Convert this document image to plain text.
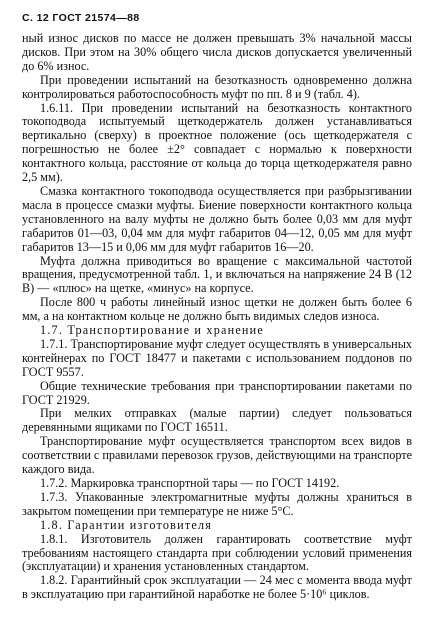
С. 12 ГОСТ 21574—88

ный износ дисков по массе не должен превышать 3% начальной массы дисков. При этом на 30% общего числа дисков допускается увеличенный до 6% износ.

При проведении испытаний на безотказность одновременно должна контролироваться работоспособность муфт по пп. 8 и 9 (табл. 4).

1.6.11. При проведении испытаний на безотказность контактного токоподвода испытуемый щеткодержатель должен устанавливаться вертикально (сверху) в проектное положение (ось щеткодержателя с погрешностью не более ±2° совпадает с нормалью к поверхности контактного кольца, расстояние от кольца до торца щеткодержателя равно 2,5 мм).

Смазка контактного токоподвода осуществляется при разбрызгивании масла в процессе смазки муфты. Биение поверхности контактного кольца установленного на валу муфты не должно быть более 0,03 мм для муфт габаритов 01—03, 0,04 мм для муфт габаритов 04—12, 0,05 мм для муфт габаритов 13—15 и 0,06 мм для муфт габаритов 16—20.

Муфта должна приводиться во вращение с максимальной частотой вращения, предусмотренной табл. 1, и включаться на напряжение 24 В (12 В) — «плюс» на щетке, «минус» на корпусе.

После 800 ч работы линейный износ щетки не должен быть более 6 мм, а на контактном кольце не должно быть видимых следов износа.

1.7. Транспортирование и хранение

1.7.1. Транспортирование муфт следует осуществлять в универсальных контейнерах по ГОСТ 18477 и пакетами с использованием поддонов по ГОСТ 9557.

Общие технические требования при транспортировании пакетами по ГОСТ 21929.

При мелких отправках (малые партии) следует пользоваться деревянными ящиками по ГОСТ 16511.

Транспортирование муфт осуществляется транспортом всех видов в соответствии с правилами перевозок грузов, действующими на транспорте каждого вида.

1.7.2. Маркировка транспортной тары — по ГОСТ 14192.

1.7.3. Упакованные электромагнитные муфты должны храниться в закрытом помещении при температуре не ниже 5°С.

1.8. Гарантии изготовителя

1.8.1. Изготовитель должен гарантировать соответствие муфт требованиям настоящего стандарта при соблюдении условий применения (эксплуатации) и хранения установленных стандартом.

1.8.2. Гарантийный срок эксплуатации — 24 мес с момента ввода муфт в эксплуатацию при гарантийной наработке не более 5·10⁶ циклов.
